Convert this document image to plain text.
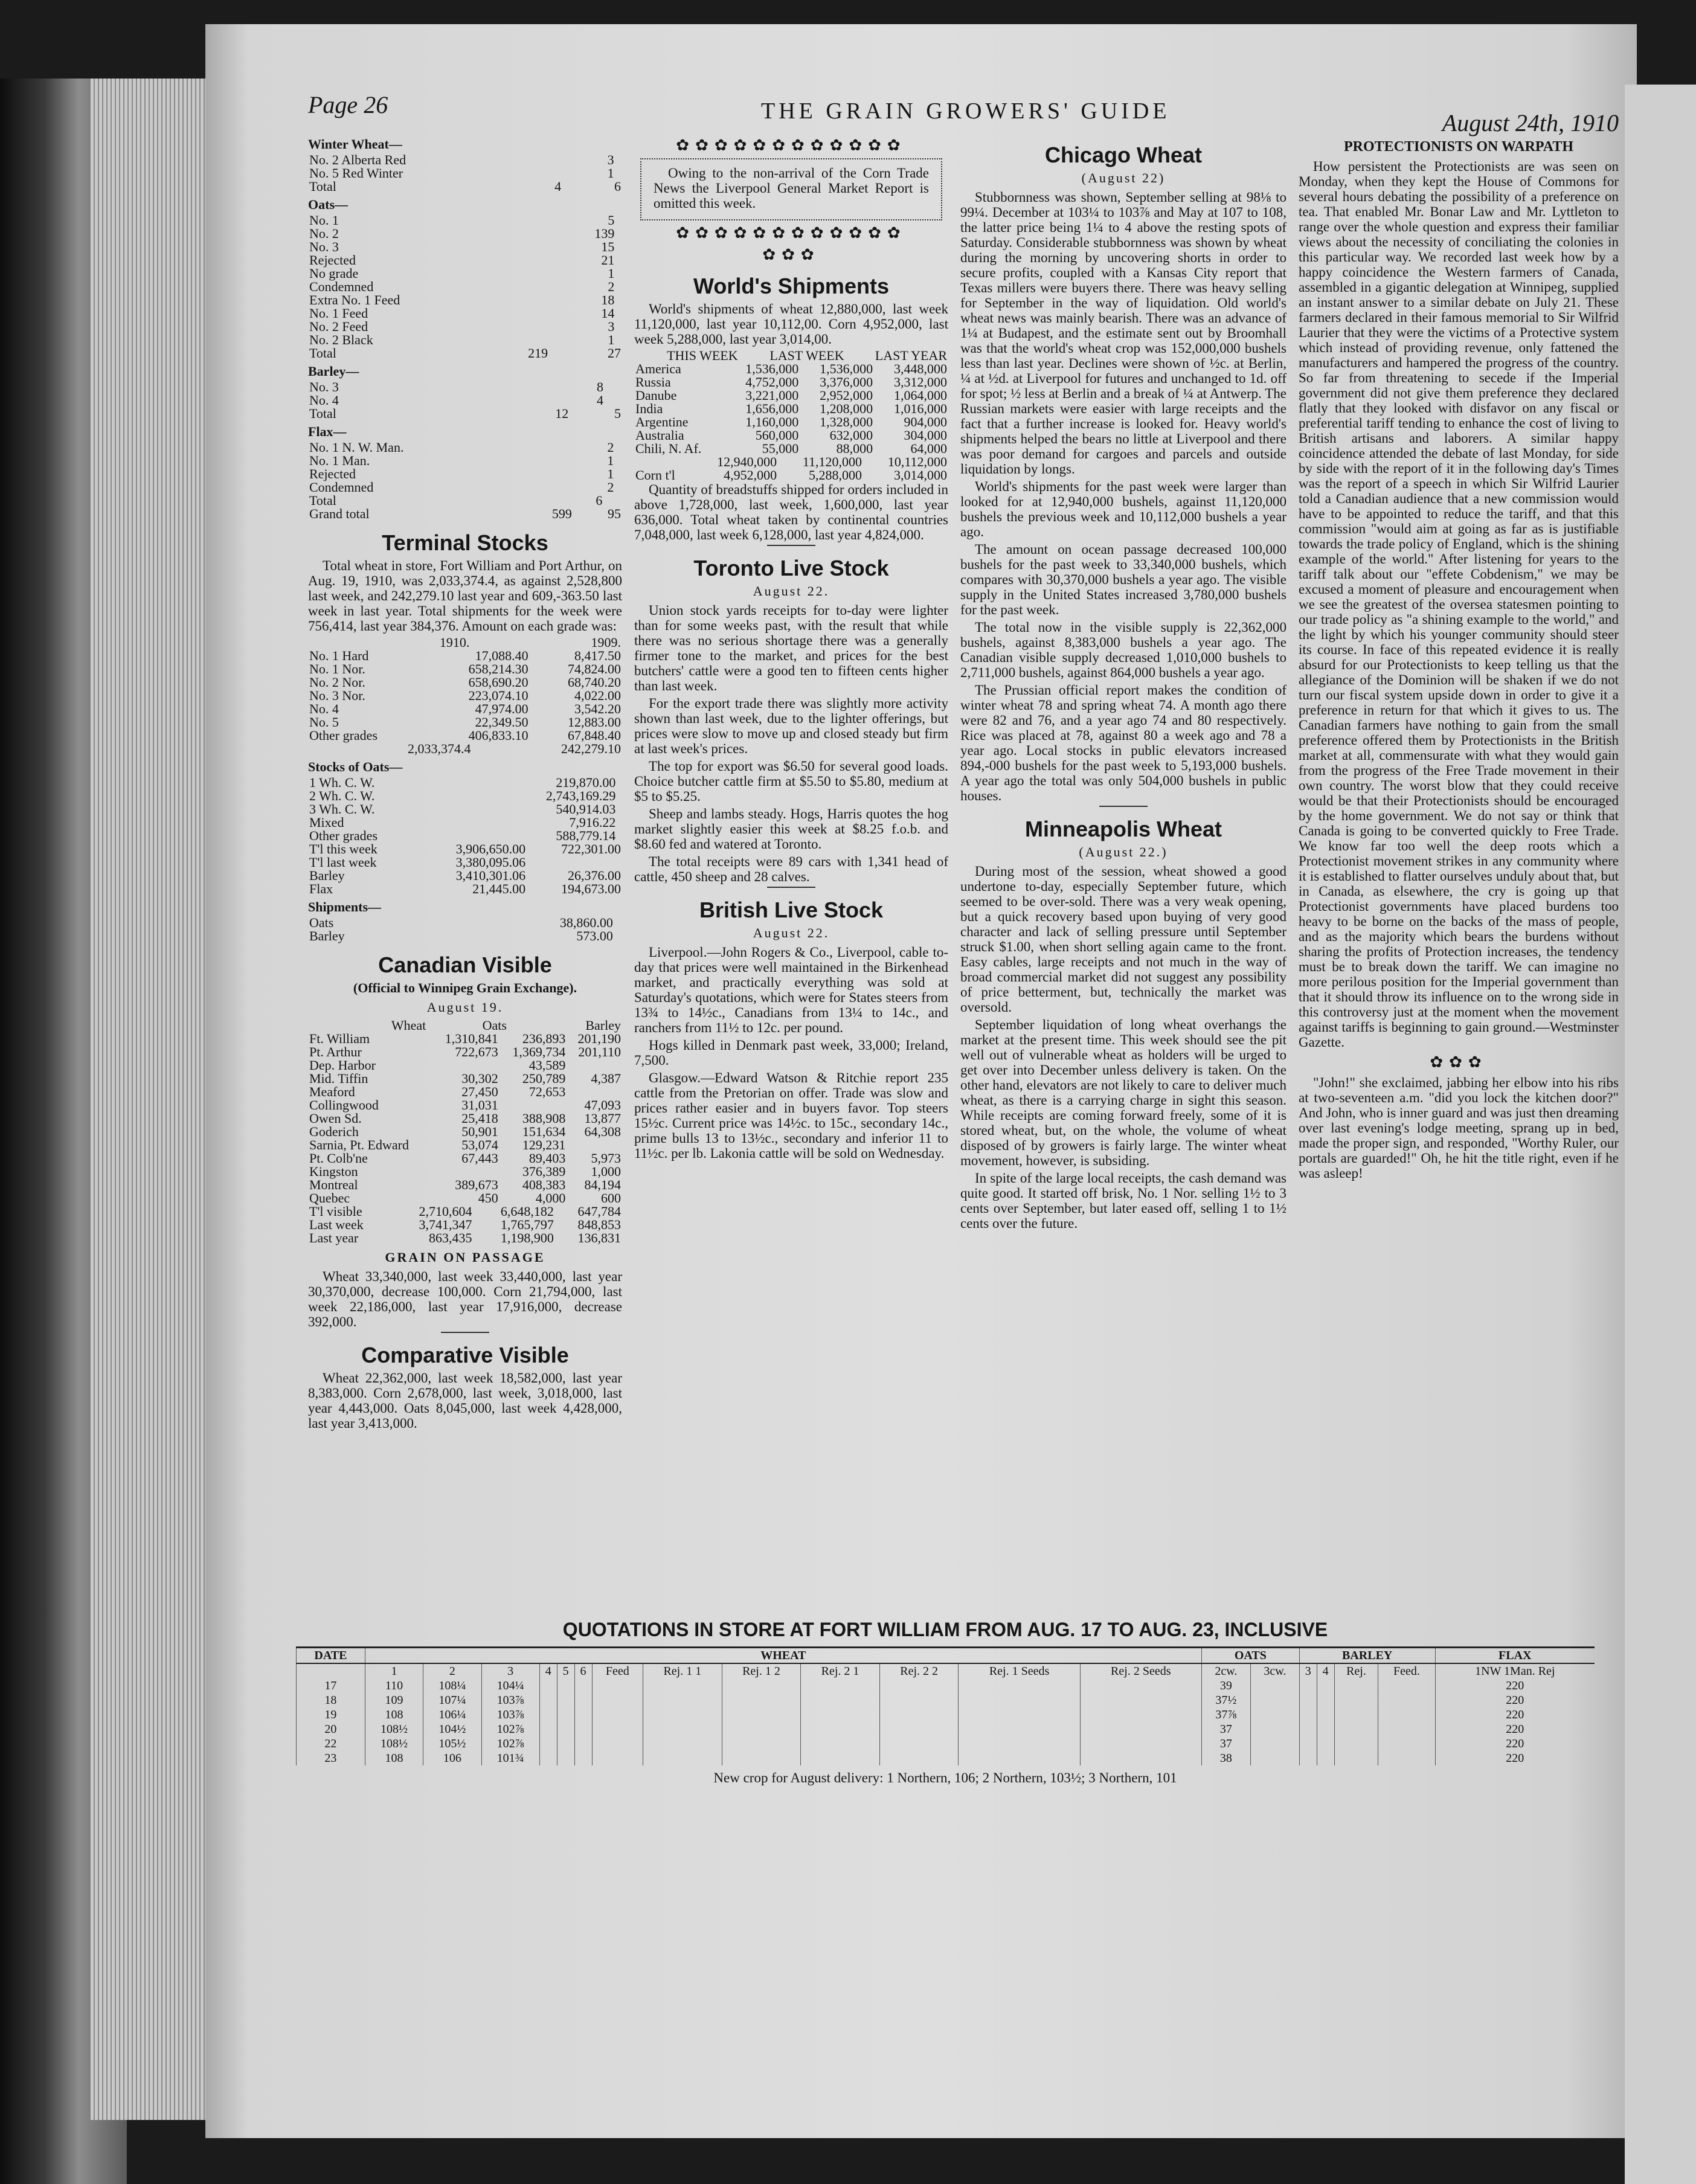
Page 26	THE GRAIN GROWERS' GUIDE	August 24th, 1910
Winter Wheat—
No. 2 Alberta Red	3	
No. 5 Red Winter	1	
Total	4	6
Oats—
No. 1	5	
No. 2	139	
No. 3	15	
Rejected	21	
No grade	1	
Condemned	2	
Extra No. 1 Feed	18	
No. 1 Feed	14	
No. 2 Feed	3	
No. 2 Black	1	
Total	219	27
Barley—
No. 3	8	
No. 4	4	
Total	12	5
Flax—
No. 1 N. W. Man.	2	
No. 1 Man.	1	
Rejected	1	
Condemned	2	
Total	6	
Grand total	599	95
Terminal Stocks

Total wheat in store, Fort William and Port Arthur, on Aug. 19, 1910, was 2,033,374.4, as against 2,528,800 last week, and 242,279.10 last year and 609,-363.50 last week in last year. Total shipments for the week were 756,414, last year 384,376. Amount on each grade was:

	1910.	1909.
No. 1 Hard	17,088.40	8,417.50
No. 1 Nor.	658,214.30	74,824.00
No. 2 Nor.	658,690.20	68,740.20
No. 3 Nor.	223,074.10	4,022.00
No. 4	47,974.00	3,542.20
No. 5	22,349.50	12,883.00
Other grades	406,833.10	67,848.40
	2,033,374.4	242,279.10
Stocks of Oats—
1 Wh. C. W.	219,870.00	
2 Wh. C. W.	2,743,169.29	
3 Wh. C. W.	540,914.03	
Mixed	7,916.22	
Other grades	588,779.14	
T'l this week	3,906,650.00	722,301.00
T'l last week	3,380,095.06	
Barley	3,410,301.06	26,376.00
Flax	21,445.00	194,673.00
Shipments—
Oats	38,860.00	
Barley	573.00	
Canadian Visible
(Official to Winnipeg Grain Exchange).
August 19.
	Wheat	Oats	Barley
Ft. William	1,310,841	236,893	201,190
Pt. Arthur	722,673	1,369,734	201,110
Dep. Harbor		43,589	
Mid. Tiffin	30,302	250,789	4,387
Meaford	27,450	72,653	
Collingwood	31,031		47,093
Owen Sd.	25,418	388,908	13,877
Goderich	50,901	151,634	64,308
Sarnia, Pt. Edward	53,074	129,231	
Pt. Colb'ne	67,443	89,403	5,973
Kingston		376,389	1,000
Montreal	389,673	408,383	84,194
Quebec	450	4,000	600
T'l visible	2,710,604	6,648,182	647,784
Last week	3,741,347	1,765,797	848,853
Last year	863,435	1,198,900	136,831
GRAIN ON PASSAGE

Wheat 33,340,000, last week 33,440,000, last year 30,370,000, decrease 100,000. Corn 21,794,000, last week 22,186,000, last year 17,916,000, decrease 392,000.

Comparative Visible

Wheat 22,362,000, last week 18,582,000, last year 8,383,000. Corn 2,678,000, last week, 3,018,000, last year 4,443,000. Oats 8,045,000, last week 4,428,000, last year 3,413,000.

✿✿✿✿✿✿✿✿✿✿✿✿

Owing to the non-arrival of the Corn Trade News the Liverpool General Market Report is omitted this week.

✿✿✿✿✿✿✿✿✿✿✿✿
✿✿✿
World's Shipments

World's shipments of wheat 12,880,000, last week 11,120,000, last year 10,112,00. Corn 4,952,000, last week 5,288,000, last year 3,014,00.

	THIS WEEK	LAST WEEK	LAST YEAR
America	1,536,000	1,536,000	3,448,000
Russia	4,752,000	3,376,000	3,312,000
Danube	3,221,000	2,952,000	1,064,000
India	1,656,000	1,208,000	1,016,000
Argentine	1,160,000	1,328,000	904,000
Australia	560,000	632,000	304,000
Chili, N. Af.	55,000	88,000	64,000
	12,940,000	11,120,000	10,112,000
Corn t'l	4,952,000	5,288,000	3,014,000

Quantity of breadstuffs shipped for orders included in above 1,728,000, last week, 1,600,000, last year 636,000. Total wheat taken by continental countries 7,048,000, last week 6,128,000, last year 4,824,000.

Toronto Live Stock
August 22.

Union stock yards receipts for to-day were lighter than for some weeks past, with the result that while there was no serious shortage there was a generally firmer tone to the market, and prices for the best butchers' cattle were a good ten to fifteen cents higher than last week.

For the export trade there was slightly more activity shown than last week, due to the lighter offerings, but prices were slow to move up and closed steady but firm at last week's prices.

The top for export was $6.50 for several good loads. Choice butcher cattle firm at $5.50 to $5.80, medium at $5 to $5.25.

Sheep and lambs steady. Hogs, Harris quotes the hog market slightly easier this week at $8.25 f.o.b. and $8.60 fed and watered at Toronto.

The total receipts were 89 cars with 1,341 head of cattle, 450 sheep and 28 calves.

British Live Stock
August 22.

Liverpool.—John Rogers & Co., Liverpool, cable to-day that prices were well maintained in the Birkenhead market, and practically everything was sold at Saturday's quotations, which were for States steers from 13¾ to 14½c., Canadians from 13¼ to 14c., and ranchers from 11½ to 12c. per pound.

Hogs killed in Denmark past week, 33,000; Ireland, 7,500.

Glasgow.—Edward Watson & Ritchie report 235 cattle from the Pretorian on offer. Trade was slow and prices rather easier and in buyers favor. Top steers 15½c. Current price was 14½c. to 15c., secondary 14c., prime bulls 13 to 13½c., secondary and inferior 11 to 11½c. per lb. Lakonia cattle will be sold on Wednesday.

Chicago Wheat
(August 22)

Stubbornness was shown, September selling at 98⅛ to 99¼. December at 103¼ to 103⅞ and May at 107 to 108, the latter price being 1¼ to 4 above the resting spots of Saturday. Considerable stubbornness was shown by wheat during the morning by uncovering shorts in order to secure profits, coupled with a Kansas City report that Texas millers were buyers there. There was heavy selling for September in the way of liquidation. Old world's wheat news was mainly bearish. There was an advance of 1¼ at Budapest, and the estimate sent out by Broomhall was that the world's wheat crop was 152,000,000 bushels less than last year. Declines were shown of ½c. at Berlin, ¼ at ½d. at Liverpool for futures and unchanged to 1d. off for spot; ½ less at Berlin and a break of ¼ at Antwerp. The Russian markets were easier with large receipts and the fact that a further increase is looked for. Heavy world's shipments helped the bears no little at Liverpool and there was poor demand for cargoes and parcels and outside liquidation by longs.

World's shipments for the past week were larger than looked for at 12,940,000 bushels, against 11,120,000 bushels the previous week and 10,112,000 bushels a year ago.

The amount on ocean passage decreased 100,000 bushels for the past week to 33,340,000 bushels, which compares with 30,370,000 bushels a year ago. The visible supply in the United States increased 3,780,000 bushels for the past week.

The total now in the visible supply is 22,362,000 bushels, against 8,383,000 bushels a year ago. The Canadian visible supply decreased 1,010,000 bushels to 2,711,000 bushels, against 864,000 bushels a year ago.

The Prussian official report makes the condition of winter wheat 78 and spring wheat 74. A month ago there were 82 and 76, and a year ago 74 and 80 respectively. Rice was placed at 78, against 80 a week ago and 78 a year ago. Local stocks in public elevators increased 894,-000 bushels for the past week to 5,193,000 bushels. A year ago the total was only 504,000 bushels in public houses.

Minneapolis Wheat
(August 22.)

During most of the session, wheat showed a good undertone to-day, especially September future, which seemed to be over-sold. There was a very weak opening, but a quick recovery based upon buying of very good character and lack of selling pressure until September struck $1.00, when short selling again came to the front. Easy cables, large receipts and not much in the way of broad commercial market did not suggest any possibility of price betterment, but, technically the market was oversold.

September liquidation of long wheat overhangs the market at the present time. This week should see the pit well out of vulnerable wheat as holders will be urged to get over into December unless delivery is taken. On the other hand, elevators are not likely to care to deliver much wheat, as there is a carrying charge in sight this season. While receipts are coming forward freely, some of it is stored wheat, but, on the whole, the volume of wheat disposed of by growers is fairly large. The winter wheat movement, however, is subsiding.

In spite of the large local receipts, the cash demand was quite good. It started off brisk, No. 1 Nor. selling 1½ to 3 cents over September, but later eased off, selling 1 to 1½ cents over the future.

PROTECTIONISTS ON WARPATH

How persistent the Protectionists are was seen on Monday, when they kept the House of Commons for several hours debating the possibility of a preference on tea. That enabled Mr. Bonar Law and Mr. Lyttleton to range over the whole question and express their familiar views about the necessity of conciliating the colonies in this particular way. We recorded last week how by a happy coincidence the Western farmers of Canada, assembled in a gigantic delegation at Winnipeg, supplied an instant answer to a similar debate on July 21. These farmers declared in their famous memorial to Sir Wilfrid Laurier that they were the victims of a Protective system which instead of providing revenue, only fattened the manufacturers and hampered the progress of the country. So far from threatening to secede if the Imperial government did not give them preference they declared flatly that they looked with disfavor on any fiscal or preferential tariff tending to enhance the cost of living to British artisans and laborers. A similar happy coincidence attended the debate of last Monday, for side by side with the report of it in the following day's Times was the report of a speech in which Sir Wilfrid Laurier told a Canadian audience that a new commission would have to be appointed to reduce the tariff, and that this commission "would aim at going as far as is justifiable towards the trade policy of England, which is the shining example of the world." After listening for years to the tariff talk about our "effete Cobdenism," we may be excused a moment of pleasure and encouragement when we see the greatest of the oversea statesmen pointing to our trade policy as "a shining example to the world," and the light by which his younger community should steer its course. In face of this repeated evidence it is really absurd for our Protectionists to keep telling us that the allegiance of the Dominion will be shaken if we do not turn our fiscal system upside down in order to give it a preference in return for that which it gives to us. The Canadian farmers have nothing to gain from the small preference offered them by Protectionists in the British market at all, commensurate with what they would gain from the progress of the Free Trade movement in their own country. The worst blow that they could receive would be that their Protectionists should be encouraged by the home government. We do not say or think that Canada is going to be converted quickly to Free Trade. We know far too well the deep roots which a Protectionist movement strikes in any community where it is established to flatter ourselves unduly about that, but in Canada, as elsewhere, the cry is going up that Protectionist governments have placed burdens too heavy to be borne on the backs of the mass of people, and as the majority which bears the burdens without sharing the profits of Protection increases, the tendency must be to break down the tariff. We can imagine no more perilous position for the Imperial government than that it should throw its influence on to the wrong side in this controversy just at the moment when the movement against tariffs is beginning to gain ground.—Westminster Gazette.

✿✿✿

"John!" she exclaimed, jabbing her elbow into his ribs at two-seventeen a.m. "did you lock the kitchen door?" And John, who is inner guard and was just then dreaming over last evening's lodge meeting, sprang up in bed, made the proper sign, and responded, "Worthy Ruler, our portals are guarded!" Oh, he hit the title right, even if he was asleep!

QUOTATIONS IN STORE AT FORT WILLIAM FROM AUG. 17 TO AUG. 23, INCLUSIVE
DATE	WHEAT													OATS		BARLEY				FLAX
	1	2	3	4	5	6	Feed	Rej. 1 1	Rej. 1 2	Rej. 2 1	Rej. 2 2	Rej. 1 Seeds	Rej. 2 Seeds	2cw.	3cw.	3	4	Rej.	Feed.	1NW 1Man. Rej
17	110	108¼	104¼											39						220
18	109	107¼	103⅞											37½						220
19	108	106¼	103⅞											37⅞						220
20	108½	104½	102⅞											37						220
22	108½	105½	102⅞											37						220
23	108	106	101¾											38						220
New crop for August delivery: 1 Northern, 106; 2 Northern, 103½; 3 Northern, 101
